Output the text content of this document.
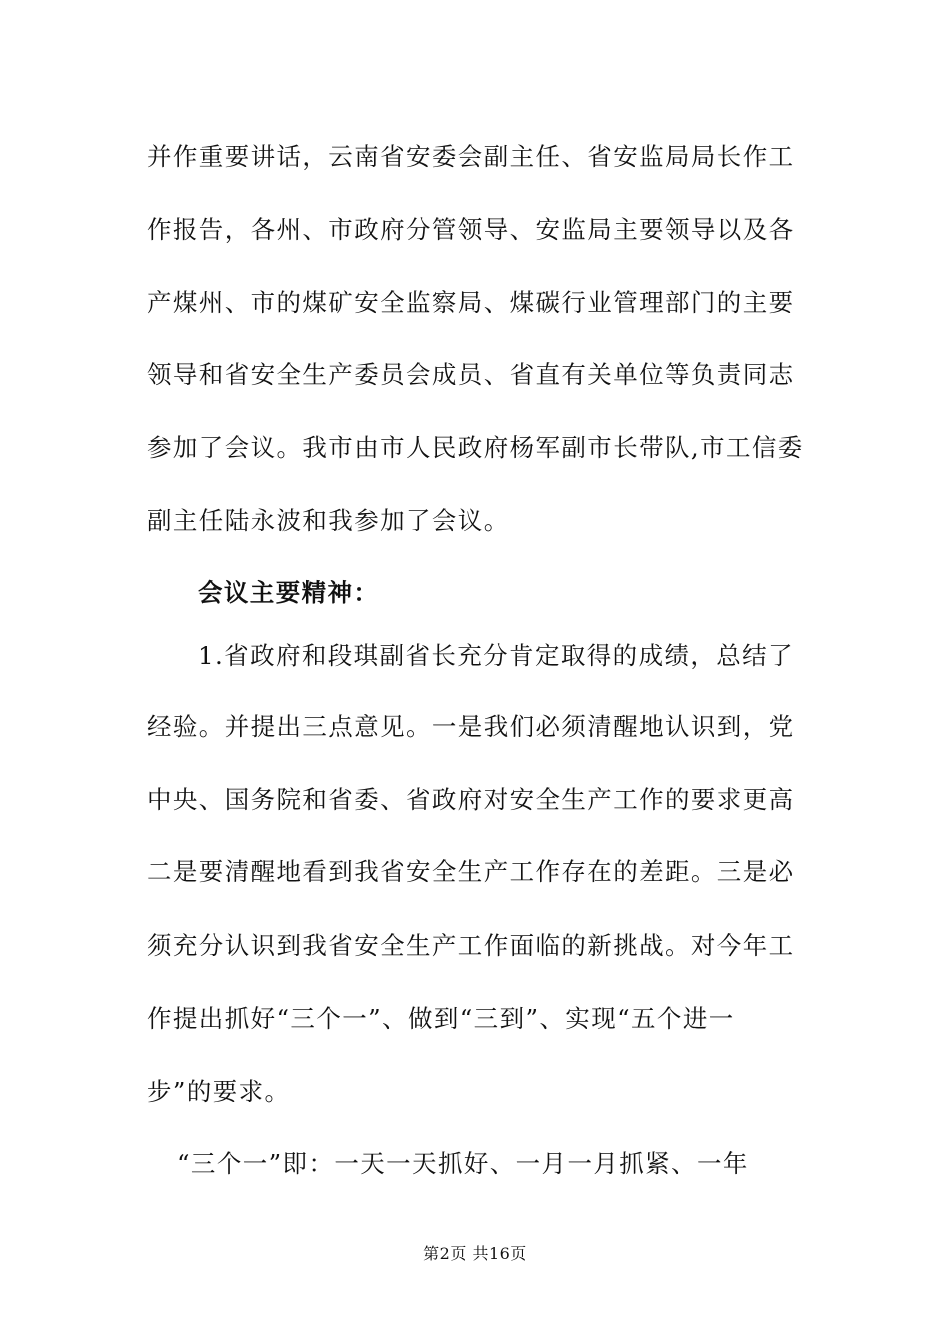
并作重要讲话，云南省安委会副主任、省安监局局长作工
作报告，各州、市政府分管领导、安监局主要领导以及各
产煤州、市的煤矿安全监察局、煤碳行业管理部门的主要
领导和省安全生产委员会成员、省直有关单位等负责同志
参加了会议。我市由市人民政府杨军副市长带队,市工信委
副主任陆永波和我参加了会议。
会议主要精神：
1.省政府和段琪副省长充分肯定取得的成绩，总结了
经验。并提出三点意见。一是我们必须清醒地认识到，党
中央、国务院和省委、省政府对安全生产工作的要求更高
二是要清醒地看到我省安全生产工作存在的差距。三是必
须充分认识到我省安全生产工作面临的新挑战。对今年工
作提出抓好“三个一”、做到“三到”、实现“五个进一
步”的要求。
“三个一”即：一天一天抓好、一月一月抓紧、一年
第2页 共16页
